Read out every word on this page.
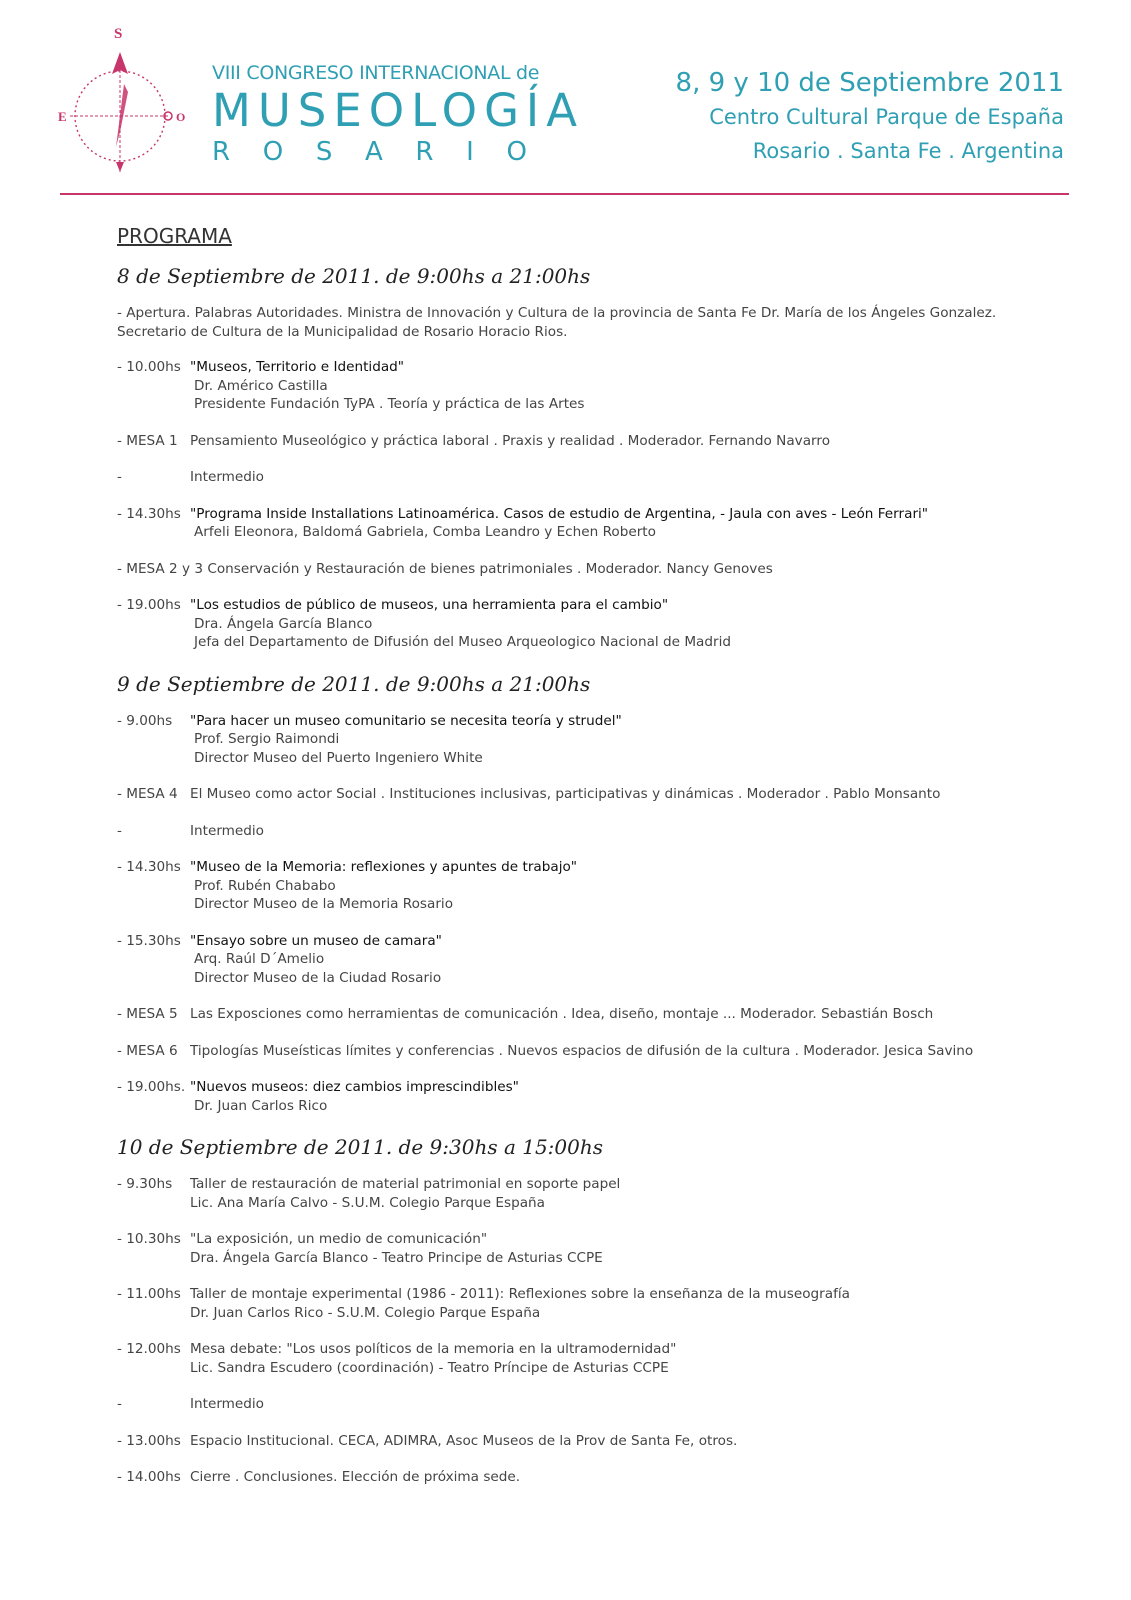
S
E	O

VIII CONGRESO INTERNACIONAL de

MUSEOLOGÍA

R O S A R I O

8, 9 y 10 de Septiembre 2011
Centro Cultural Parque de España
Rosario . Santa Fe . Argentina
PROGRAMA
8 de Septiembre de 2011. de 9:00hs a 21:00hs
- Apertura. Palabras Autoridades. Ministra de Innovación y Cultura de la provincia de Santa Fe Dr. María de los Ángeles Gonzalez. Secretario de Cultura de la Municipalidad de Rosario Horacio Rios.
- 10.00hs "Museos, Territorio e Identidad"
Dr. Américo Castilla
Presidente Fundación TyPA . Teoría y práctica de las Artes
- MESA 1 Pensamiento Museológico y práctica laboral . Praxis y realidad . Moderador. Fernando Navarro
-	Intermedio
- 14.30hs "Programa Inside Installations Latinoamérica. Casos de estudio de Argentina, - Jaula con aves - León Ferrari"
Arfeli Eleonora, Baldomá Gabriela, Comba Leandro y Echen Roberto
- MESA 2 y 3 Conservación y Restauración de bienes patrimoniales . Moderador. Nancy Genoves
- 19.00hs "Los estudios de público de museos, una herramienta para el cambio"
Dra. Ángela García Blanco
Jefa del Departamento de Difusión del Museo Arqueologico Nacional de Madrid
9 de Septiembre de 2011. de 9:00hs a 21:00hs
- 9.00hs	"Para hacer un museo comunitario se necesita teoría y strudel"
Prof. Sergio Raimondi
Director Museo del Puerto Ingeniero White
- MESA 4 El Museo como actor Social . Instituciones inclusivas, participativas y dinámicas . Moderador . Pablo Monsanto
-	Intermedio
- 14.30hs "Museo de la Memoria: reflexiones y apuntes de trabajo"
Prof. Rubén Chababo
Director Museo de la Memoria Rosario
- 15.30hs "Ensayo sobre un museo de camara"
Arq. Raúl D´Amelio
Director Museo de la Ciudad Rosario
- MESA 5 Las Exposciones como herramientas de comunicación . Idea, diseño, montaje ... Moderador. Sebastián Bosch
- MESA 6 Tipologías Museísticas límites y conferencias . Nuevos espacios de difusión de la cultura . Moderador. Jesica Savino
- 19.00hs. "Nuevos museos: diez cambios imprescindibles"
Dr. Juan Carlos Rico
10 de Septiembre de 2011. de 9:30hs a 15:00hs
- 9.30hs	Taller de restauración de material patrimonial en soporte papel
Lic. Ana María Calvo - S.U.M. Colegio Parque España
- 10.30hs "La exposición, un medio de comunicación"
Dra. Ángela García Blanco - Teatro Principe de Asturias CCPE
- 11.00hs Taller de montaje experimental (1986 - 2011): Reflexiones sobre la enseñanza de la museografía
Dr. Juan Carlos Rico - S.U.M. Colegio Parque España
- 12.00hs Mesa debate: "Los usos políticos de la memoria en la ultramodernidad"
Lic. Sandra Escudero (coordinación) - Teatro Príncipe de Asturias CCPE
-	Intermedio
- 13.00hs Espacio Institucional. CECA, ADIMRA, Asoc Museos de la Prov de Santa Fe, otros.
- 14.00hs Cierre . Conclusiones. Elección de próxima sede.
